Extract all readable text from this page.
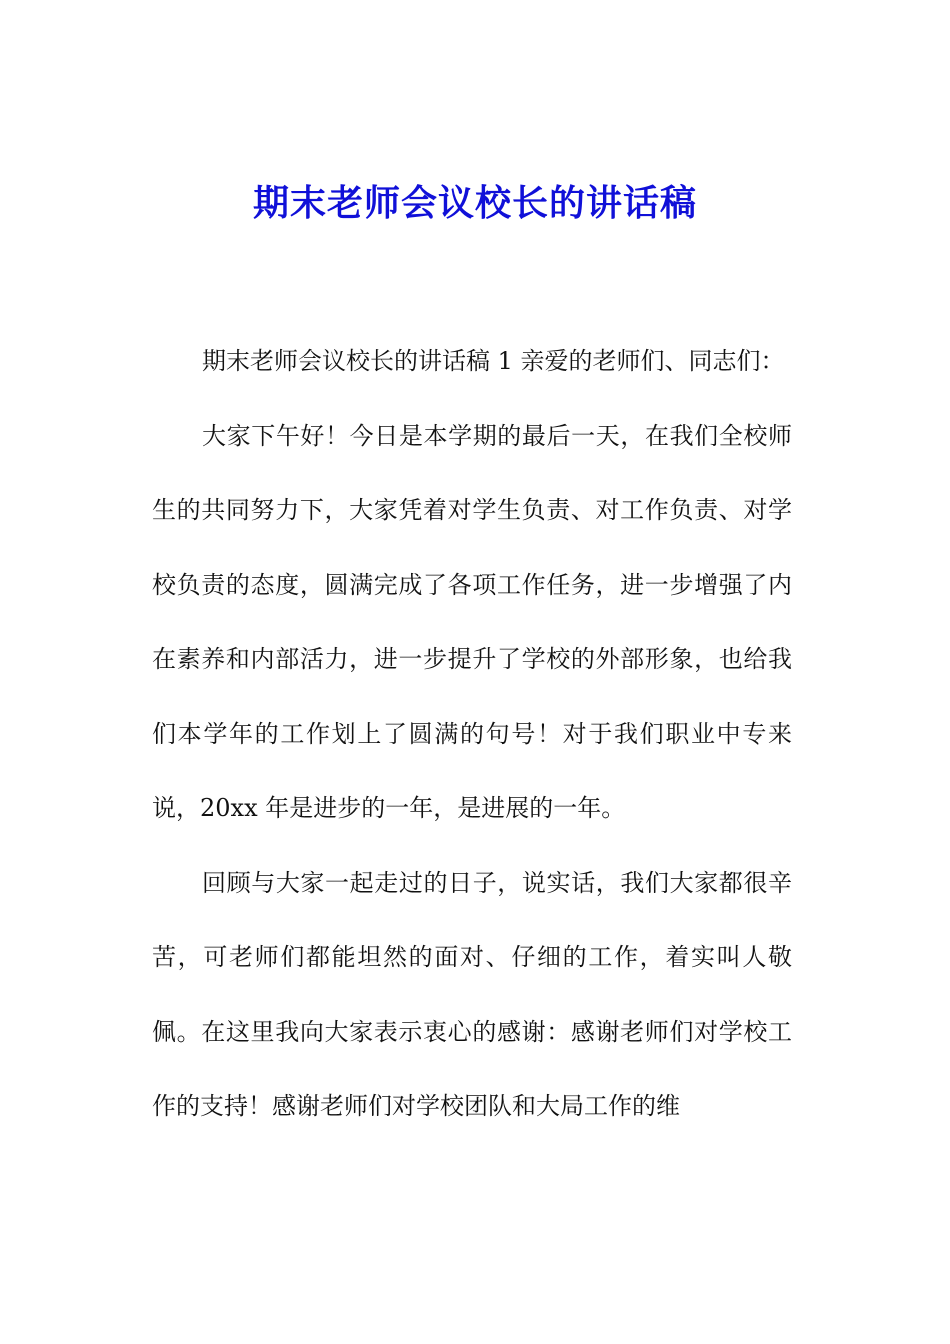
期末老师会议校长的讲话稿

期末老师会议校长的讲话稿 1 亲爱的老师们、同志们：

大家下午好！今日是本学期的最后一天，在我们全校师生的共同努力下，大家凭着对学生负责、对工作负责、对学校负责的态度，圆满完成了各项工作任务，进一步增强了内在素养和内部活力，进一步提升了学校的外部形象，也给我们本学年的工作划上了圆满的句号！对于我们职业中专来说，20xx 年是进步的一年，是进展的一年。

回顾与大家一起走过的日子，说实话，我们大家都很辛苦，可老师们都能坦然的面对、仔细的工作，着实叫人敬佩。在这里我向大家表示衷心的感谢：感谢老师们对学校工作的支持！感谢老师们对学校团队和大局工作的维
